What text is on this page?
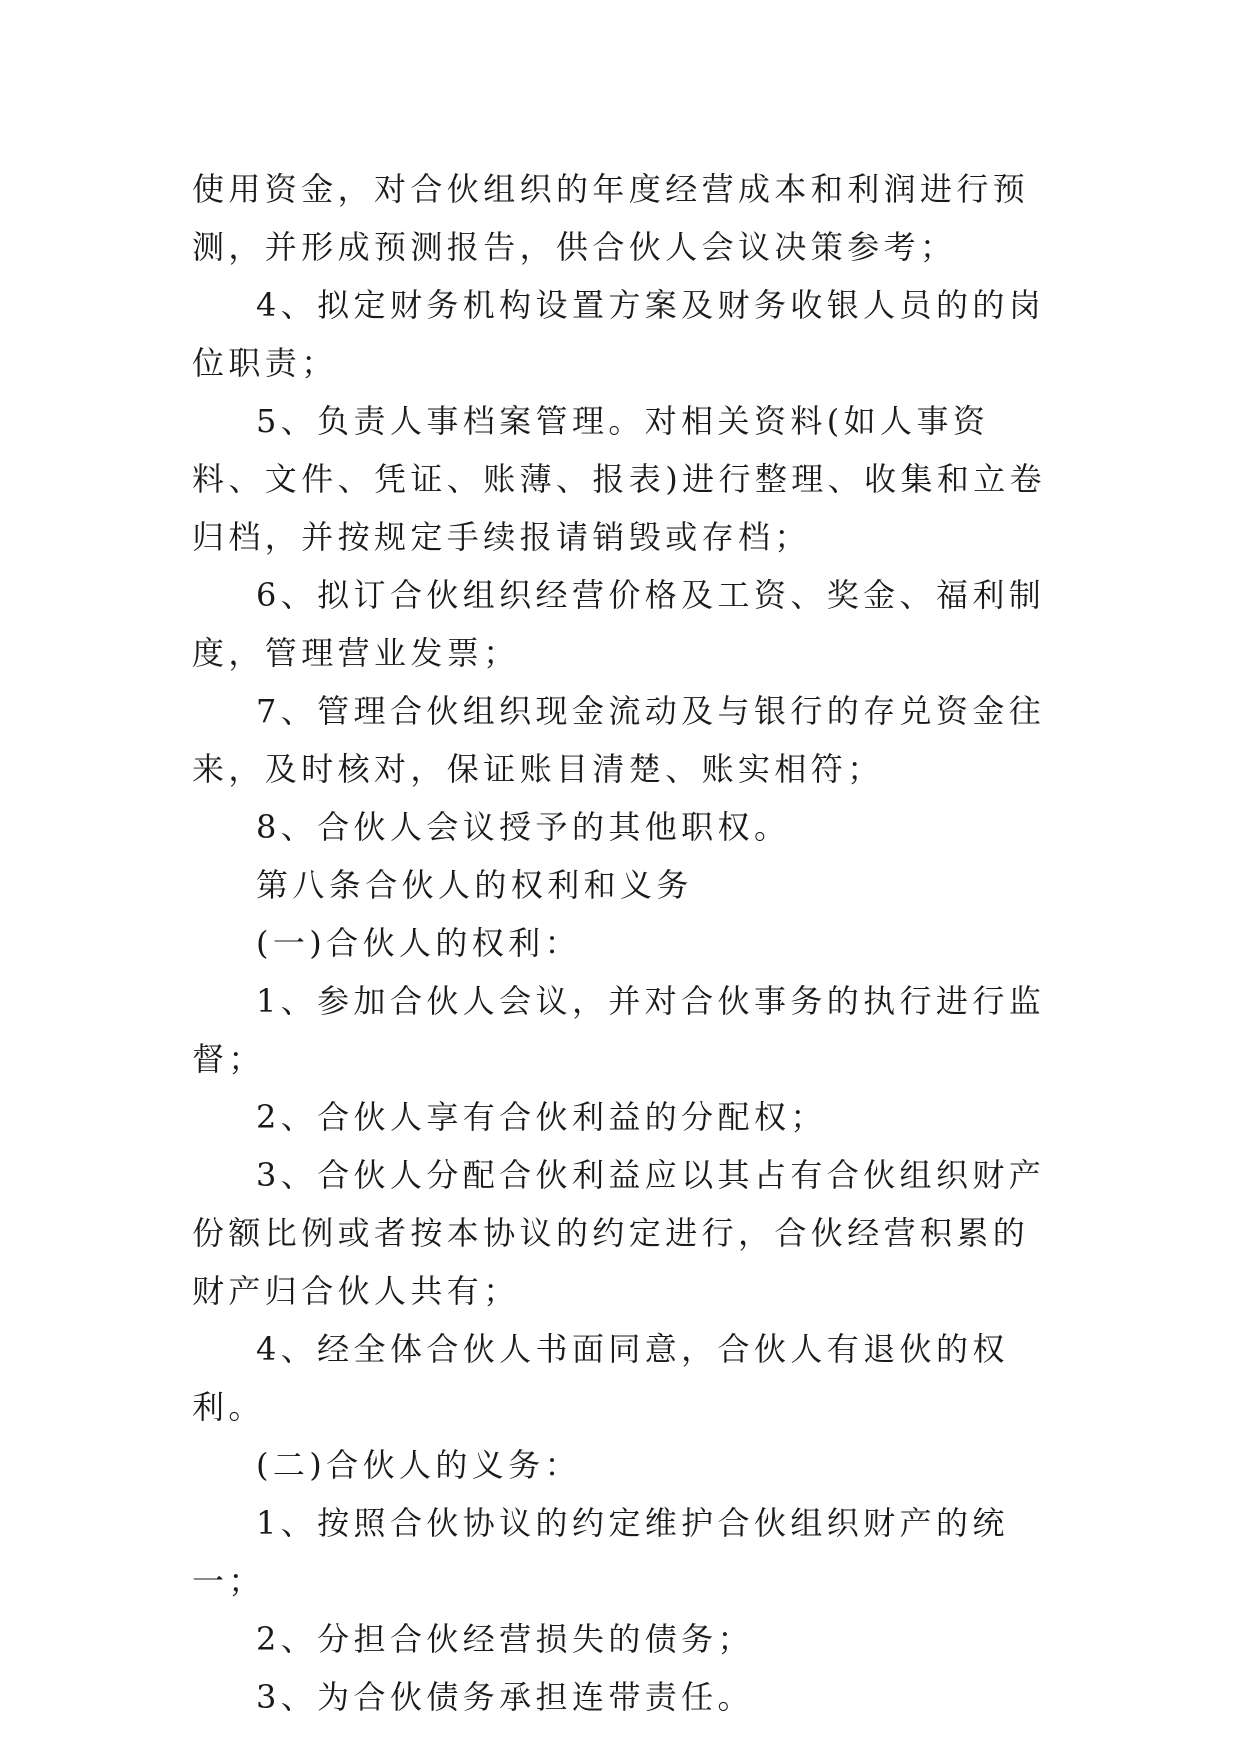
使用资金，对合伙组织的年度经营成本和利润进行预测，并形成预测报告，供合伙人会议决策参考；

4、拟定财务机构设置方案及财务收银人员的的岗位职责；

5、负责人事档案管理。对相关资料(如人事资料、文件、凭证、账薄、报表)进行整理、收集和立卷归档，并按规定手续报请销毁或存档；

6、拟订合伙组织经营价格及工资、奖金、福利制度，管理营业发票；

7、管理合伙组织现金流动及与银行的存兑资金往来，及时核对，保证账目清楚、账实相符；

8、合伙人会议授予的其他职权。

第八条合伙人的权利和义务

(一)合伙人的权利：

1、参加合伙人会议，并对合伙事务的执行进行监督；

2、合伙人享有合伙利益的分配权；

3、合伙人分配合伙利益应以其占有合伙组织财产份额比例或者按本协议的约定进行，合伙经营积累的财产归合伙人共有；

4、经全体合伙人书面同意，合伙人有退伙的权利。

(二)合伙人的义务：

1、按照合伙协议的约定维护合伙组织财产的统一；

2、分担合伙经营损失的债务；

3、为合伙债务承担连带责任。
